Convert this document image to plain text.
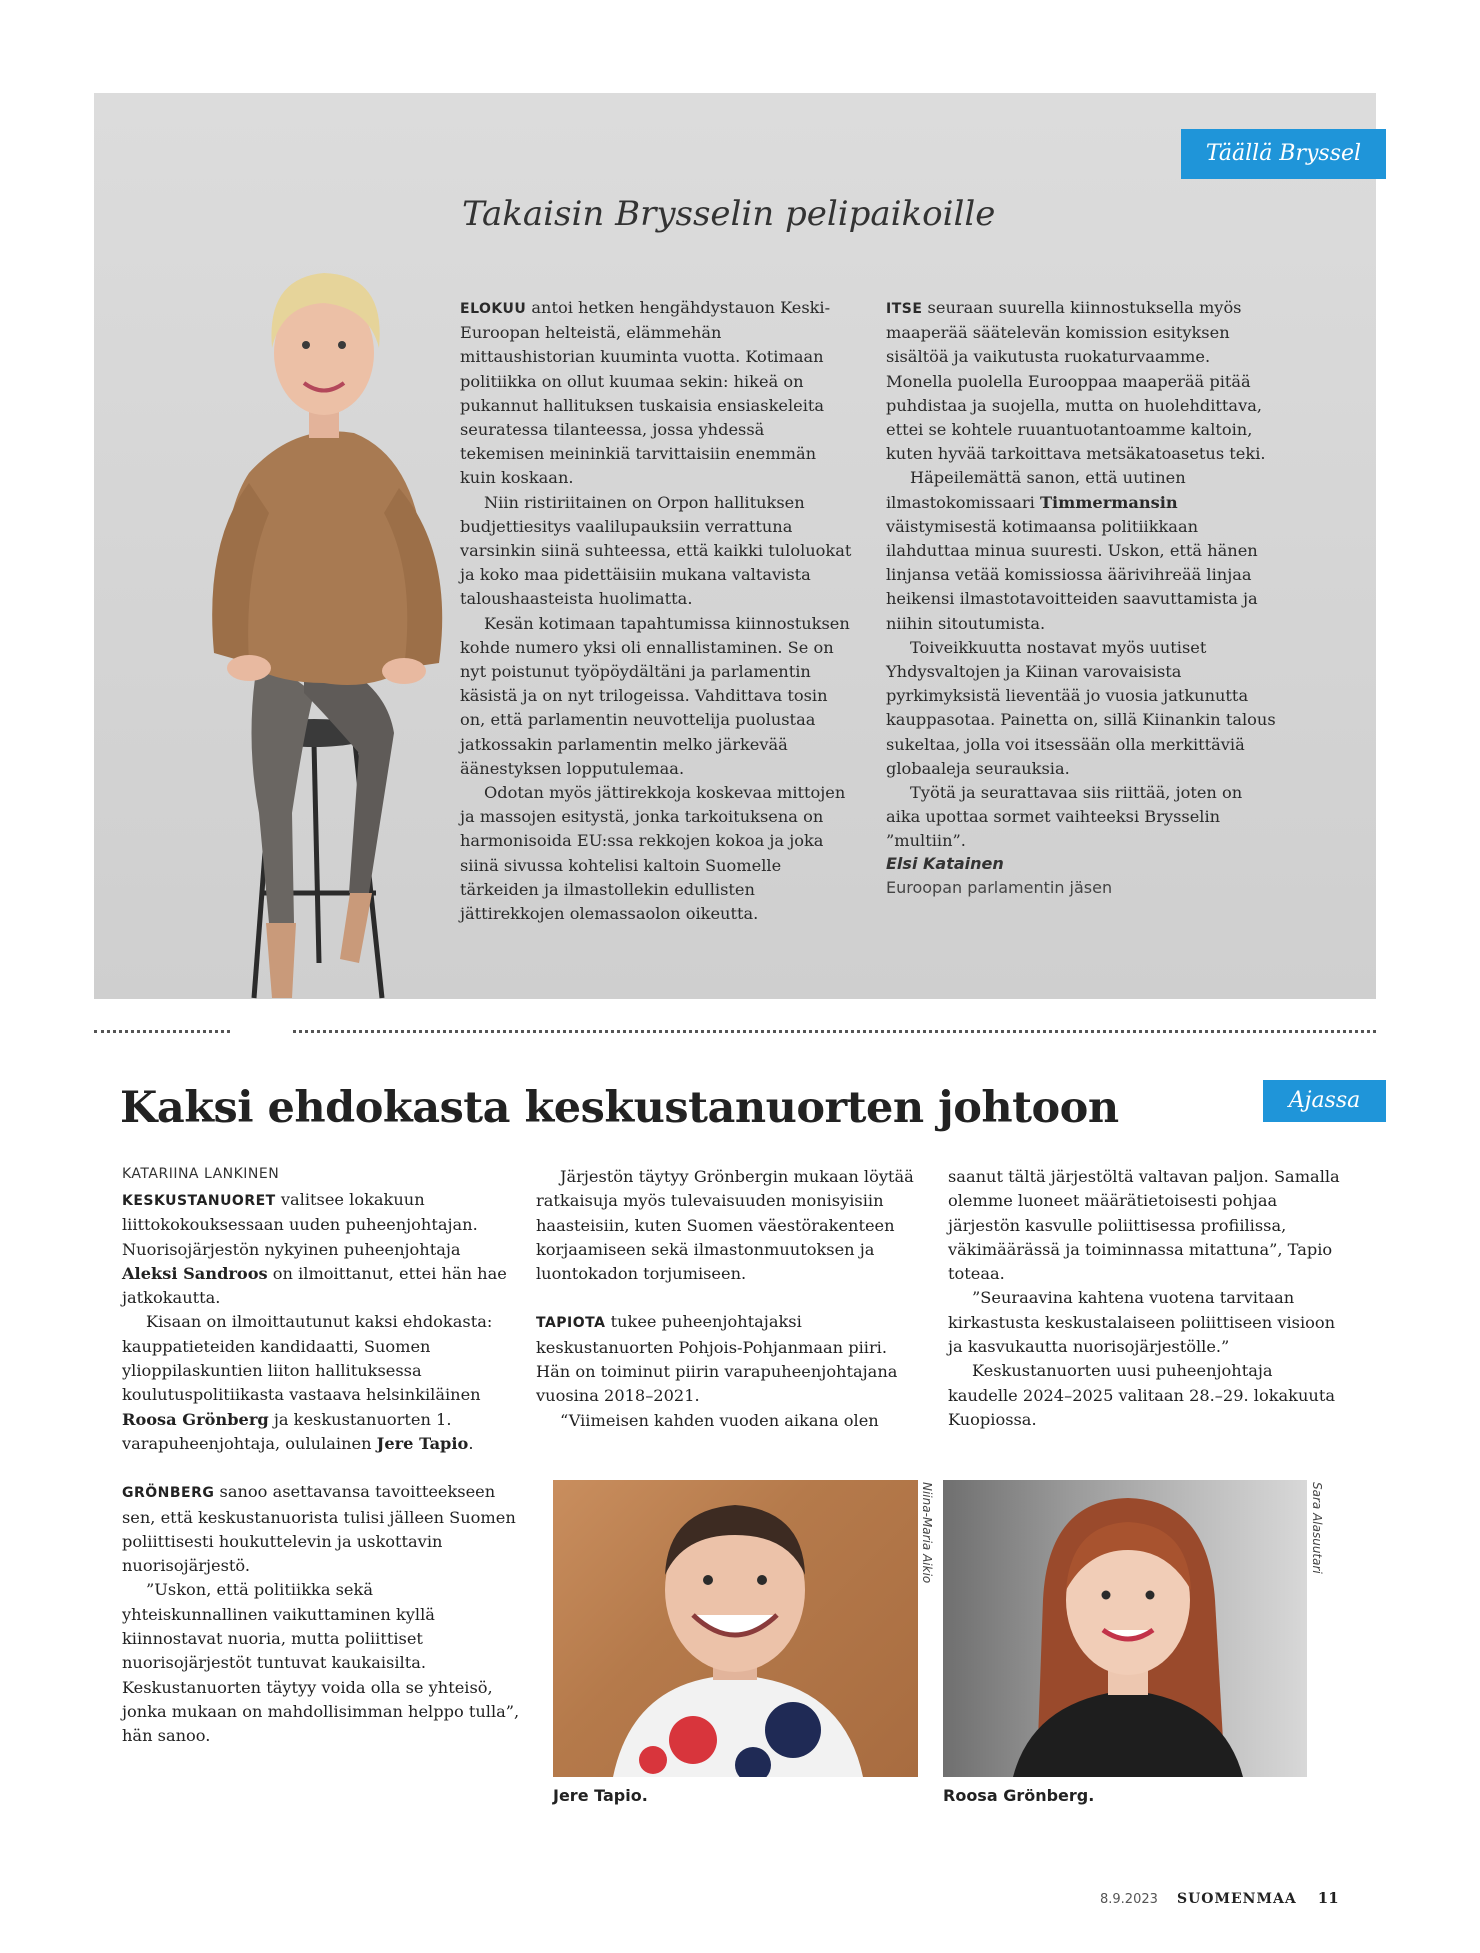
Täällä Bryssel
Takaisin Brysselin pelipaikoille

ELOKUU antoi hetken hengähdystauon Keski-Euroopan helteistä, elämmehän mittaushistorian kuuminta vuotta. Kotimaan politiikka on ollut kuumaa sekin: hikeä on pukannut hallituksen tuskaisia ensiaskeleita seuratessa tilanteessa, jossa yhdessä tekemisen meininkiä tarvittaisiin enemmän kuin koskaan.

Niin ristiriitainen on Orpon hallituksen budjettiesitys vaalilupauksiin verrattuna varsinkin siinä suhteessa, että kaikki tuloluokat ja koko maa pidettäisiin mukana valtavista taloushaasteista huolimatta.

Kesän kotimaan tapahtumissa kiinnostuksen kohde numero yksi oli ennallistaminen. Se on nyt poistunut työpöydältäni ja parlamentin käsistä ja on nyt trilogeissa. Vahdittava tosin on, että parlamentin neuvottelija puolustaa jatkossakin parlamentin melko järkevää äänestyksen lopputulemaa.

Odotan myös jättirekkoja koskevaa mittojen ja massojen esitystä, jonka tarkoituksena on harmonisoida EU:ssa rekkojen kokoa ja joka siinä sivussa kohtelisi kaltoin Suomelle tärkeiden ja ilmastollekin edullisten jättirekkojen olemassaolon oikeutta.

ITSE seuraan suurella kiinnostuksella myös maaperää säätelevän komission esityksen sisältöä ja vaikutusta ruokaturvaamme. Monella puolella Eurooppaa maaperää pitää puhdistaa ja suojella, mutta on huolehdittava, ettei se kohtele ruuantuotantoamme kaltoin, kuten hyvää tarkoittava metsäkatoasetus teki.

Häpeilemättä sanon, että uutinen ilmastokomissaari Timmermansin väistymisestä kotimaansa politiikkaan ilahduttaa minua suuresti. Uskon, että hänen linjansa vetää komissiossa äärivihreää linjaa heikensi ilmastotavoitteiden saavuttamista ja niihin sitoutumista.

Toiveikkuutta nostavat myös uutiset Yhdysvaltojen ja Kiinan varovaisista pyrkimyksistä lieventää jo vuosia jatkunutta kauppasotaa. Painetta on, sillä Kiinankin talous sukeltaa, jolla voi itsessään olla merkittäviä globaaleja seurauksia.

Työtä ja seurattavaa siis riittää, joten on aika upottaa sormet vaihteeksi Brysselin ”multiin”.

Elsi Katainen
Euroopan parlamentin jäsen
Ajassa
Kaksi ehdokasta keskustanuorten johtoon
KATARIINA LANKINEN

KESKUSTANUORET valitsee lokakuun liittokokouksessaan uuden puheenjohtajan. Nuorisojärjestön nykyinen puheenjohtaja Aleksi Sandroos on ilmoittanut, ettei hän hae jatkokautta.

Kisaan on ilmoittautunut kaksi ehdokasta: kauppatieteiden kandidaatti, Suomen ylioppilaskuntien liiton hallituksessa koulutuspolitiikasta vastaava helsinkiläinen Roosa Grönberg ja keskustanuorten 1. varapuheenjohtaja, oululainen Jere Tapio.

GRÖNBERG sanoo asettavansa tavoitteekseen sen, että keskustanuorista tulisi jälleen Suomen poliittisesti houkuttelevin ja uskottavin nuorisojärjestö.

”Uskon, että politiikka sekä yhteiskunnallinen vaikuttaminen kyllä kiinnostavat nuoria, mutta poliittiset nuorisojärjestöt tuntuvat kaukaisilta. Keskustanuorten täytyy voida olla se yhteisö, jonka mukaan on mahdollisimman helppo tulla”, hän sanoo.

Järjestön täytyy Grönbergin mukaan löytää ratkaisuja myös tulevaisuuden monisyisiin haasteisiin, kuten Suomen väestörakenteen korjaamiseen sekä ilmastonmuutoksen ja luontokadon torjumiseen.

TAPIOTA tukee puheenjohtajaksi keskustanuorten Pohjois-Pohjanmaan piiri. Hän on toiminut piirin varapuheenjohtajana vuosina 2018–2021.

“Viimeisen kahden vuoden aikana olen

saanut tältä järjestöltä valtavan paljon. Samalla olemme luoneet määrätietoisesti pohjaa järjestön kasvulle poliittisessa profiilissa, väkimäärässä ja toiminnassa mitattuna”, Tapio toteaa.

”Seuraavina kahtena vuotena tarvitaan kirkastusta keskustalaiseen poliittiseen visioon ja kasvukautta nuorisojärjestölle.”

Keskustanuorten uusi puheenjohtaja kaudelle 2024–2025 valitaan 28.–29. lokakuuta Kuopiossa.

Niina-Maria Aikio
Jere Tapio.
Sara Alasuutari
Roosa Grönberg.
8.9.2023 SUOMENMAA 11
